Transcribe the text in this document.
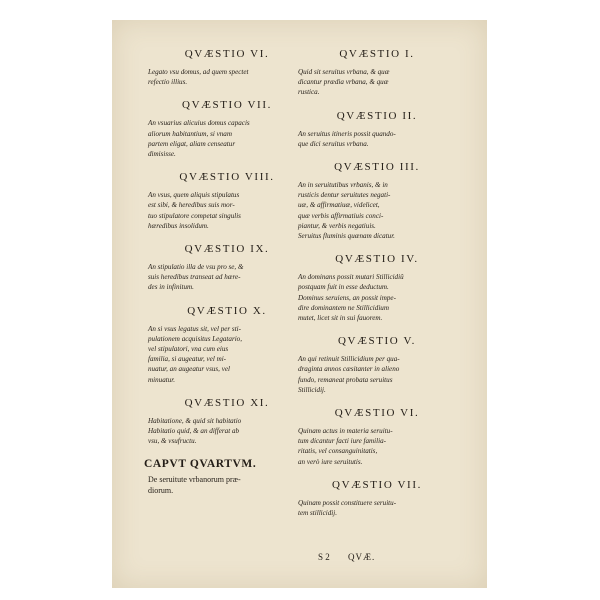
QVÆSTIO VI.
Legato vsu domus, ad quem spectet
refectio illius.
QVÆSTIO VII.
An vsuarius alicuius domus capacis
aliorum habitantium, si vnam
partem eligat, aliam censeatur
dimisisse.
QVÆSTIO VIII.
An vsus, quem aliquis stipulatus
est sibi, & heredibus suis mor-
tuo stipulatore competat singulis
hæredibus insolidum.
QVÆSTIO IX.
An stipulatio illa de vsu pro se, &
suis heredibus transeat ad hære-
des in infinitum.
QVÆSTIO X.
An si vsus legatus sit, vel per sti-
pulationem acquisitus Legatario,
vel stipulatori, vna cum eius
familia, si augeatur, vel mi-
nuatur, an augeatur vsus, vel
minuatur.
QVÆSTIO XI.
Habitatione, & quid sit habitatio
Habitatio quid, & an differat ab
vsu, & vsufructu.
CAPVT QVARTVM.
De seruitute vrbanorum præ-
diorum.
QVÆSTIO I.
Quid sit seruitus vrbana, & quæ
dicantur prædia vrbana, & quæ
rustica.
QVÆSTIO II.
An seruitus itineris possit quando-
que dici seruitus vrbana.
QVÆSTIO III.
An in seruitutibus vrbanis, & in
rusticis dentur seruitutes negati-
uæ, & affirmatiuæ, videlicet,
quæ verbis affirmatiuis conci-
piantur, & verbis negatiuis.
Seruitus fluminis quænam dicatur.
QVÆSTIO IV.
An dominans possit mutari Stillicidiû
postquam fuit in esse deductum.
Dominus seruiens, an possit impe-
dire dominantem ne Stillicidium
mutet, licet sit in sui fauorem.
QVÆSTIO V.
An qui retinuit Stillicidium per qua-
draginta annos cæsitanter in alieno
fundo, remaneat probata seruitus
Stillicidij.
QVÆSTIO VI.
Quinam actus in materia seruitu-
tum dicantur facti iure familia-
ritatis, vel consanguinitatis,
an verò iure seruitutis.
QVÆSTIO VII.
Quinam possit constituere seruitu-
tem stillicidij.
S 2 QVÆ.
